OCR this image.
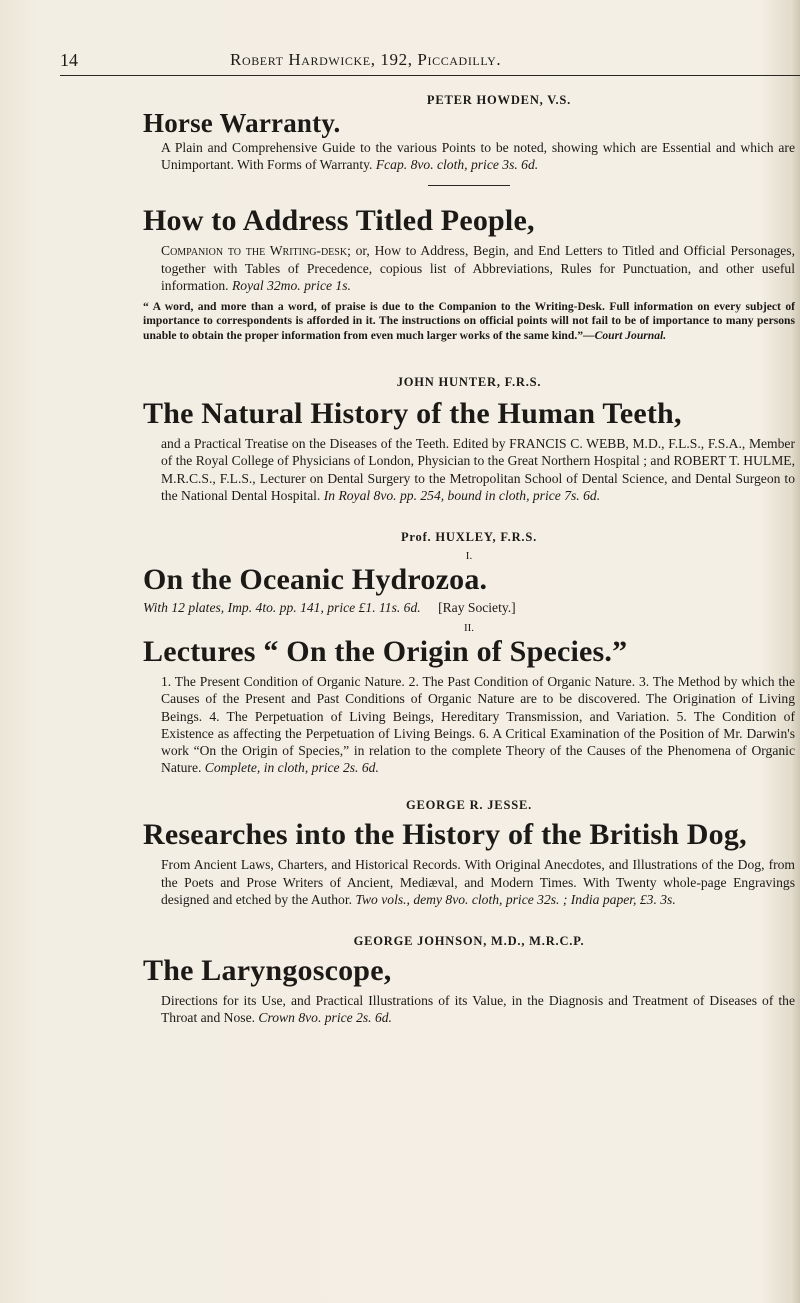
14	Robert Hardwicke, 192, Piccadilly.

PETER HOWDEN, V.S.

Horse Warranty.

A Plain and Comprehensive Guide to the various Points to be noted, showing which are Essential and which are Unimportant. With Forms of Warranty. Fcap. 8vo. cloth, price 3s. 6d.

How to Address Titled People,

Companion to the Writing-desk; or, How to Address, Begin, and End Letters to Titled and Official Personages, together with Tables of Precedence, copious list of Abbreviations, Rules for Punctuation, and other useful information. Royal 32mo. price 1s.

“ A word, and more than a word, of praise is due to the Companion to the Writing-Desk. Full information on every subject of importance to correspondents is afforded in it. The instructions on official points will not fail to be of importance to many persons unable to obtain the proper information from even much larger works of the same kind.”—Court Journal.

JOHN HUNTER, F.R.S.

The Natural History of the Human Teeth,

and a Practical Treatise on the Diseases of the Teeth. Edited by FRANCIS C. WEBB, M.D., F.L.S., F.S.A., Member of the Royal College of Physicians of London, Physician to the Great Northern Hospital ; and ROBERT T. HULME, M.R.C.S., F.L.S., Lecturer on Dental Surgery to the Metropolitan School of Dental Science, and Dental Surgeon to the National Dental Hospital. In Royal 8vo. pp. 254, bound in cloth, price 7s. 6d.

Prof. HUXLEY, F.R.S.

I.

On the Oceanic Hydrozoa.

With 12 plates, Imp. 4to. pp. 141, price £1. 11s. 6d. [Ray Society.]

II.

Lectures “ On the Origin of Species.”

1. The Present Condition of Organic Nature. 2. The Past Condition of Organic Nature. 3. The Method by which the Causes of the Present and Past Conditions of Organic Nature are to be discovered. The Origination of Living Beings. 4. The Perpetuation of Living Beings, Hereditary Transmission, and Variation. 5. The Condition of Existence as affecting the Perpetuation of Living Beings. 6. A Critical Examination of the Position of Mr. Darwin's work “On the Origin of Species,” in relation to the complete Theory of the Causes of the Phenomena of Organic Nature. Complete, in cloth, price 2s. 6d.

GEORGE R. JESSE.

Researches into the History of the British Dog,

From Ancient Laws, Charters, and Historical Records. With Original Anecdotes, and Illustrations of the Dog, from the Poets and Prose Writers of Ancient, Mediæval, and Modern Times. With Twenty whole-page Engravings designed and etched by the Author. Two vols., demy 8vo. cloth, price 32s. ; India paper, £3. 3s.

GEORGE JOHNSON, M.D., M.R.C.P.

The Laryngoscope,

Directions for its Use, and Practical Illustrations of its Value, in the Diagnosis and Treatment of Diseases of the Throat and Nose. Crown 8vo. price 2s. 6d.
